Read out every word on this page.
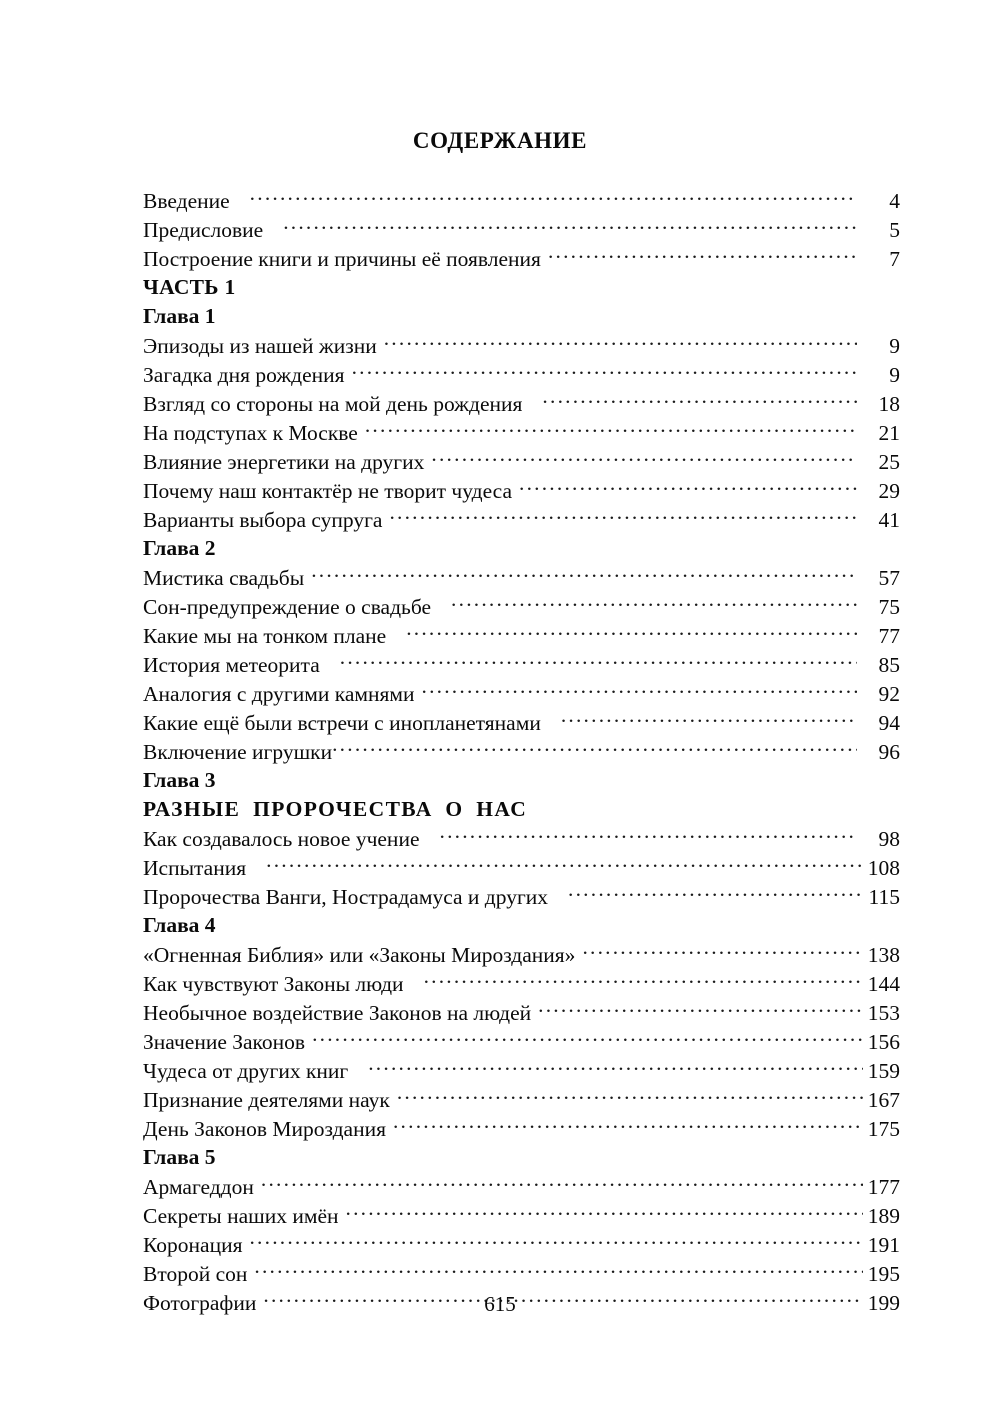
СОДЕРЖАНИЕ
Введение .....	4
Предисловие .....	5
Построение книги и причины её появления .....	7
ЧАСТЬ 1
Глава 1
Эпизоды из нашей жизни .....	9
Загадка дня рождения .....	9
Взгляд со стороны на мой день рождения .....	18
На подступах к Москве .....	21
Влияние энергетики на других .....	25
Почему наш контактёр не творит чудеса .....	29
Варианты выбора супруга .....	41
Глава 2
Мистика свадьбы .....	57
Сон-предупреждение о свадьбе .....	75
Какие мы на тонком плане .....	77
История метеорита .....	85
Аналогия с другими камнями .....	92
Какие ещё были встречи с инопланетянами .....	94
Включение игрушки .....	96
Глава 3
РАЗНЫЕ ПРОРОЧЕСТВА О НАС
Как создавалось новое учение .....	98
Испытания .....	108
Пророчества Ванги, Нострадамуса и других .....	115
Глава 4
«Огненная Библия» или «Законы Мироздания» .....	138
Как чувствуют Законы люди .....	144
Необычное воздействие Законов на людей .....	153
Значение Законов .....	156
Чудеса от других книг .....	159
Признание деятелями наук .....	167
День Законов Мироздания .....	175
Глава 5
Армагеддон .....	177
Секреты наших имён .....	189
Коронация .....	191
Второй сон .....	195
Фотографии .....	199
615
